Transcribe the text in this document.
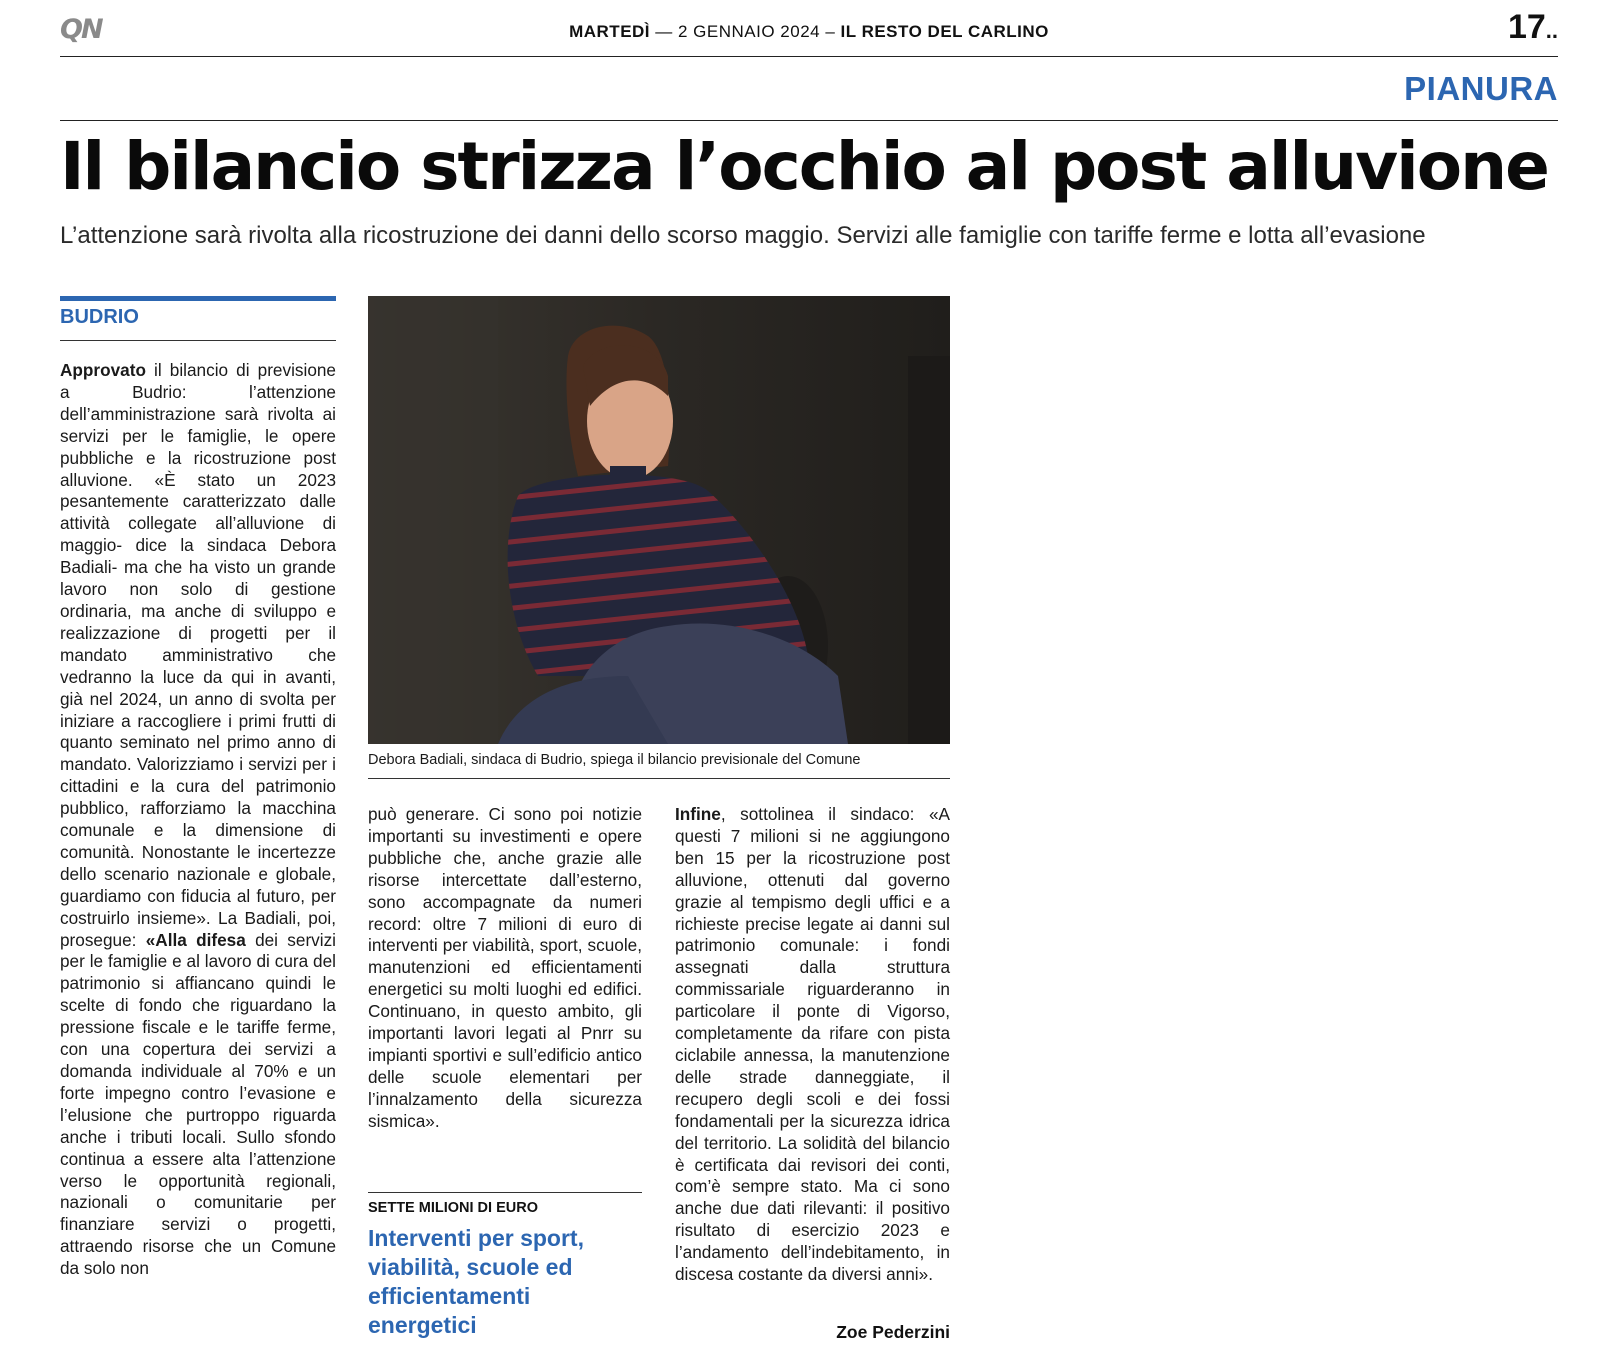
QN	MARTEDÌ — 2 GENNAIO 2024 – IL RESTO DEL CARLINO	17..
PIANURA
Il bilancio strizza l’occhio al post alluvione
L’attenzione sarà rivolta alla ricostruzione dei danni dello scorso maggio. Servizi alle famiglie con tariffe ferme e lotta all’evasione
BUDRIO
Approvato il bilancio di previsione a Budrio: l’attenzione dell’amministrazione sarà rivolta ai servizi per le famiglie, le opere pubbliche e la ricostruzione post alluvione. «È stato un 2023 pesantemente caratterizzato dalle attività collegate all’alluvione di maggio- dice la sindaca Debora Badiali- ma che ha visto un grande lavoro non solo di gestione ordinaria, ma anche di sviluppo e realizzazione di progetti per il mandato amministrativo che vedranno la luce da qui in avanti, già nel 2024, un anno di svolta per iniziare a raccogliere i primi frutti di quanto seminato nel primo anno di mandato. Valorizziamo i servizi per i cittadini e la cura del patrimonio pubblico, rafforziamo la macchina comunale e la dimensione di comunità. Nonostante le incertezze dello scenario nazionale e globale, guardiamo con fiducia al futuro, per costruirlo insieme». La Badiali, poi, prosegue: «Alla difesa dei servizi per le famiglie e al lavoro di cura del patrimonio si affiancano quindi le scelte di fondo che riguardano la pressione fiscale e le tariffe ferme, con una copertura dei servizi a domanda individuale al 70% e un forte impegno contro l’evasione e l’elusione che purtroppo riguarda anche i tributi locali. Sullo sfondo continua a essere alta l’attenzione verso le opportunità regionali, nazionali o comunitarie per finanziare servizi o progetti, attraendo risorse che un Comune da solo non
Debora Badiali, sindaca di Budrio, spiega il bilancio previsionale del Comune
può generare. Ci sono poi notizie importanti su investimenti e opere pubbliche che, anche grazie alle risorse intercettate dall’esterno, sono accompagnate da numeri record: oltre 7 milioni di euro di interventi per viabilità, sport, scuole, manutenzioni ed efficientamenti energetici su molti luoghi ed edifici. Continuano, in questo ambito, gli importanti lavori legati al Pnrr su impianti sportivi e sull’edificio antico delle scuole elementari per l’innalzamento della sicurezza sismica».
SETTE MILIONI DI EURO
Interventi per sport, viabilità, scuole ed efficientamenti energetici
Infine, sottolinea il sindaco: «A questi 7 milioni si ne aggiungono ben 15 per la ricostruzione post alluvione, ottenuti dal governo grazie al tempismo degli uffici e a richieste precise legate ai danni sul patrimonio comunale: i fondi assegnati dalla struttura commissariale riguarderanno in particolare il ponte di Vigorso, completamente da rifare con pista ciclabile annessa, la manutenzione delle strade danneggiate, il recupero degli scoli e dei fossi fondamentali per la sicurezza idrica del territorio. La solidità del bilancio è certificata dai revisori dei conti, com’è sempre stato. Ma ci sono anche due dati rilevanti: il positivo risultato di esercizio 2023 e l’andamento dell’indebitamento, in discesa costante da diversi anni».
Zoe Pederzini
